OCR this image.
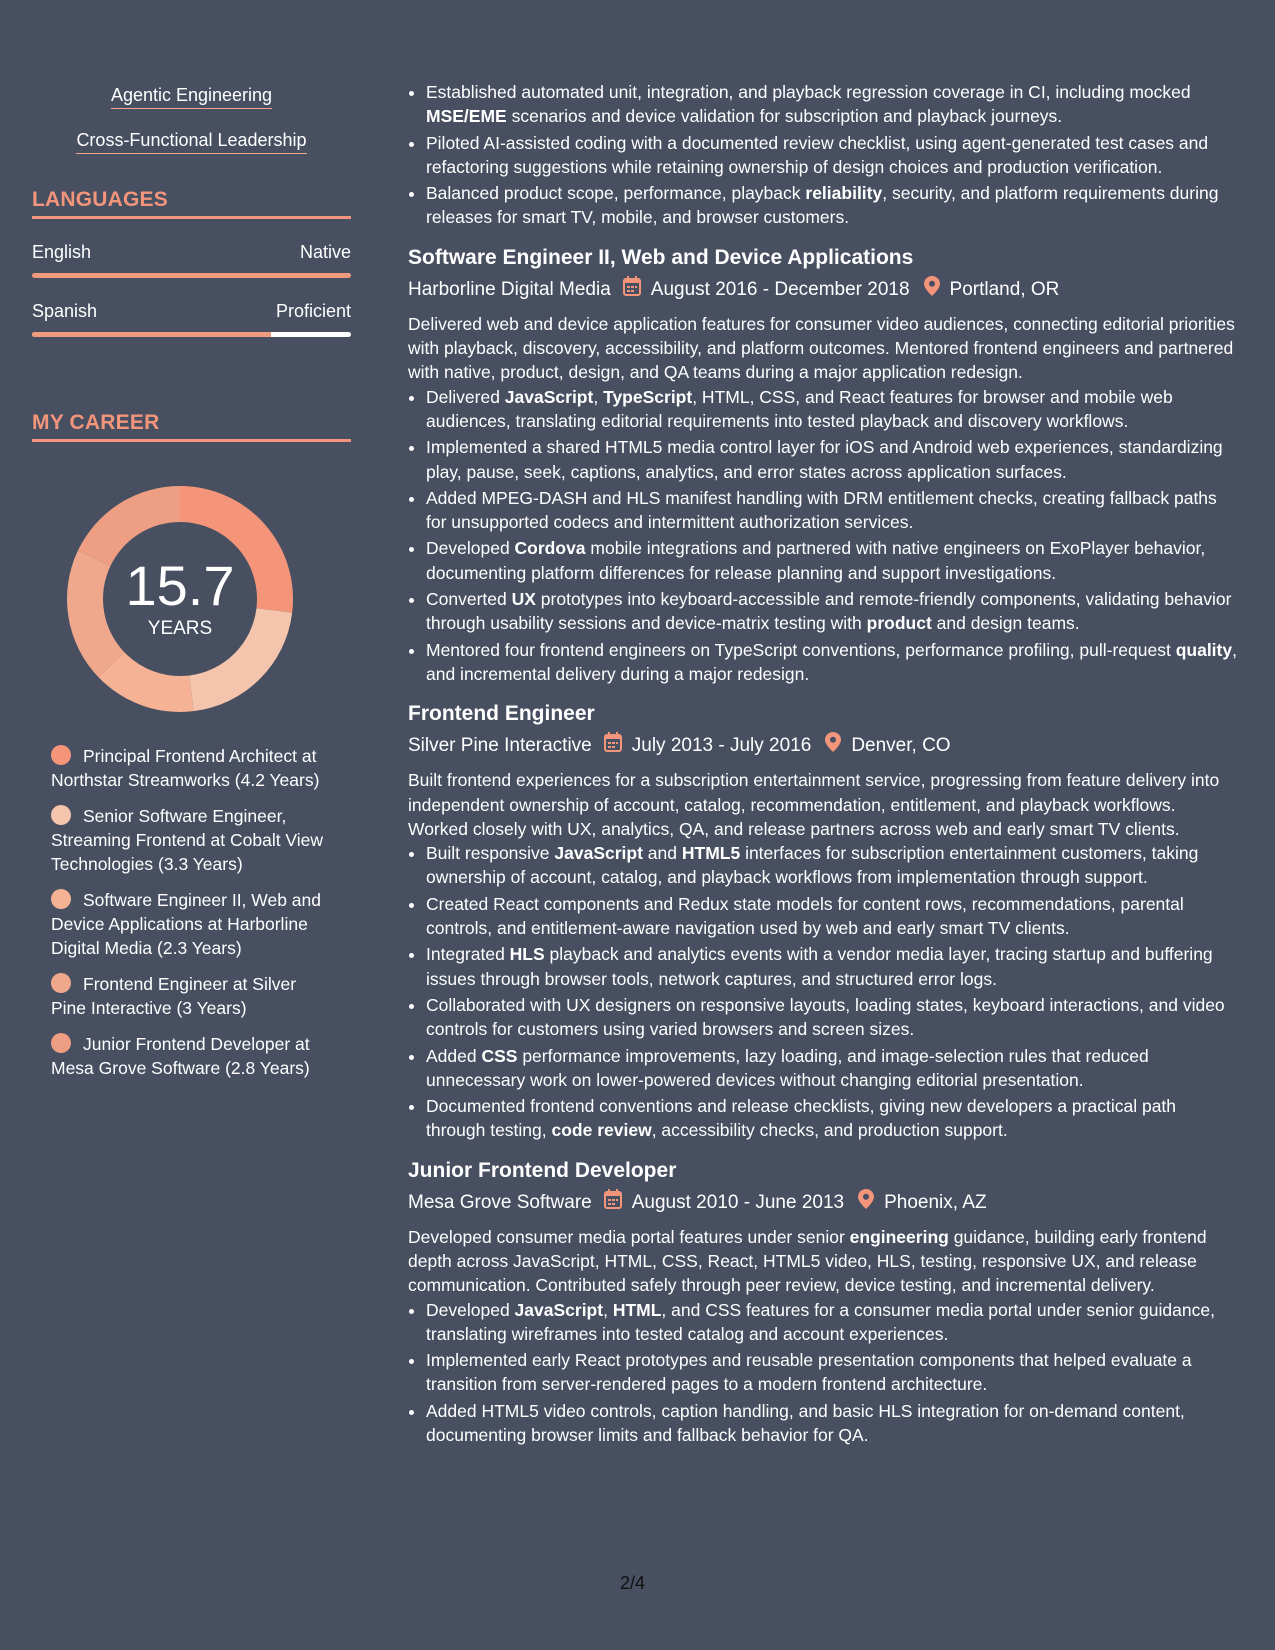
Agentic Engineering
Cross-Functional Leadership
LANGUAGES
English	Native
Spanish	Proficient
MY CAREER
15.7
YEARS
Principal Frontend Architect at Northstar Streamworks (4.2 Years)
Senior Software Engineer, Streaming Frontend at Cobalt View Technologies (3.3 Years)
Software Engineer II, Web and Device Applications at Harborline Digital Media (2.3 Years)
Frontend Engineer at Silver Pine Interactive (3 Years)
Junior Frontend Developer at Mesa Grove Software (2.8 Years)
• Established automated unit, integration, and playback regression coverage in CI, including mocked MSE/EME scenarios and device validation for subscription and playback journeys.
• Piloted AI-assisted coding with a documented review checklist, using agent-generated test cases and refactoring suggestions while retaining ownership of design choices and production verification.
• Balanced product scope, performance, playback reliability, security, and platform requirements during releases for smart TV, mobile, and browser customers.
Software Engineer II, Web and Device Applications
Harborline Digital Media August 2016 - December 2018 Portland, OR
Delivered web and device application features for consumer video audiences, connecting editorial priorities with playback, discovery, accessibility, and platform outcomes. Mentored frontend engineers and partnered with native, product, design, and QA teams during a major application redesign.
• Delivered JavaScript, TypeScript, HTML, CSS, and React features for browser and mobile web audiences, translating editorial requirements into tested playback and discovery workflows.
• Implemented a shared HTML5 media control layer for iOS and Android web experiences, standardizing play, pause, seek, captions, analytics, and error states across application surfaces.
• Added MPEG-DASH and HLS manifest handling with DRM entitlement checks, creating fallback paths for unsupported codecs and intermittent authorization services.
• Developed Cordova mobile integrations and partnered with native engineers on ExoPlayer behavior, documenting platform differences for release planning and support investigations.
• Converted UX prototypes into keyboard-accessible and remote-friendly components, validating behavior through usability sessions and device-matrix testing with product and design teams.
• Mentored four frontend engineers on TypeScript conventions, performance profiling, pull-request quality, and incremental delivery during a major redesign.
Frontend Engineer
Silver Pine Interactive July 2013 - July 2016 Denver, CO
Built frontend experiences for a subscription entertainment service, progressing from feature delivery into independent ownership of account, catalog, recommendation, entitlement, and playback workflows. Worked closely with UX, analytics, QA, and release partners across web and early smart TV clients.
• Built responsive JavaScript and HTML5 interfaces for subscription entertainment customers, taking ownership of account, catalog, and playback workflows from implementation through support.
• Created React components and Redux state models for content rows, recommendations, parental controls, and entitlement-aware navigation used by web and early smart TV clients.
• Integrated HLS playback and analytics events with a vendor media layer, tracing startup and buffering issues through browser tools, network captures, and structured error logs.
• Collaborated with UX designers on responsive layouts, loading states, keyboard interactions, and video controls for customers using varied browsers and screen sizes.
• Added CSS performance improvements, lazy loading, and image-selection rules that reduced unnecessary work on lower-powered devices without changing editorial presentation.
• Documented frontend conventions and release checklists, giving new developers a practical path through testing, code review, accessibility checks, and production support.
Junior Frontend Developer
Mesa Grove Software August 2010 - June 2013 Phoenix, AZ
Developed consumer media portal features under senior engineering guidance, building early frontend depth across JavaScript, HTML, CSS, React, HTML5 video, HLS, testing, responsive UX, and release communication. Contributed safely through peer review, device testing, and incremental delivery.
• Developed JavaScript, HTML, and CSS features for a consumer media portal under senior guidance, translating wireframes into tested catalog and account experiences.
• Implemented early React prototypes and reusable presentation components that helped evaluate a transition from server-rendered pages to a modern frontend architecture.
• Added HTML5 video controls, caption handling, and basic HLS integration for on-demand content, documenting browser limits and fallback behavior for QA.
2/4
